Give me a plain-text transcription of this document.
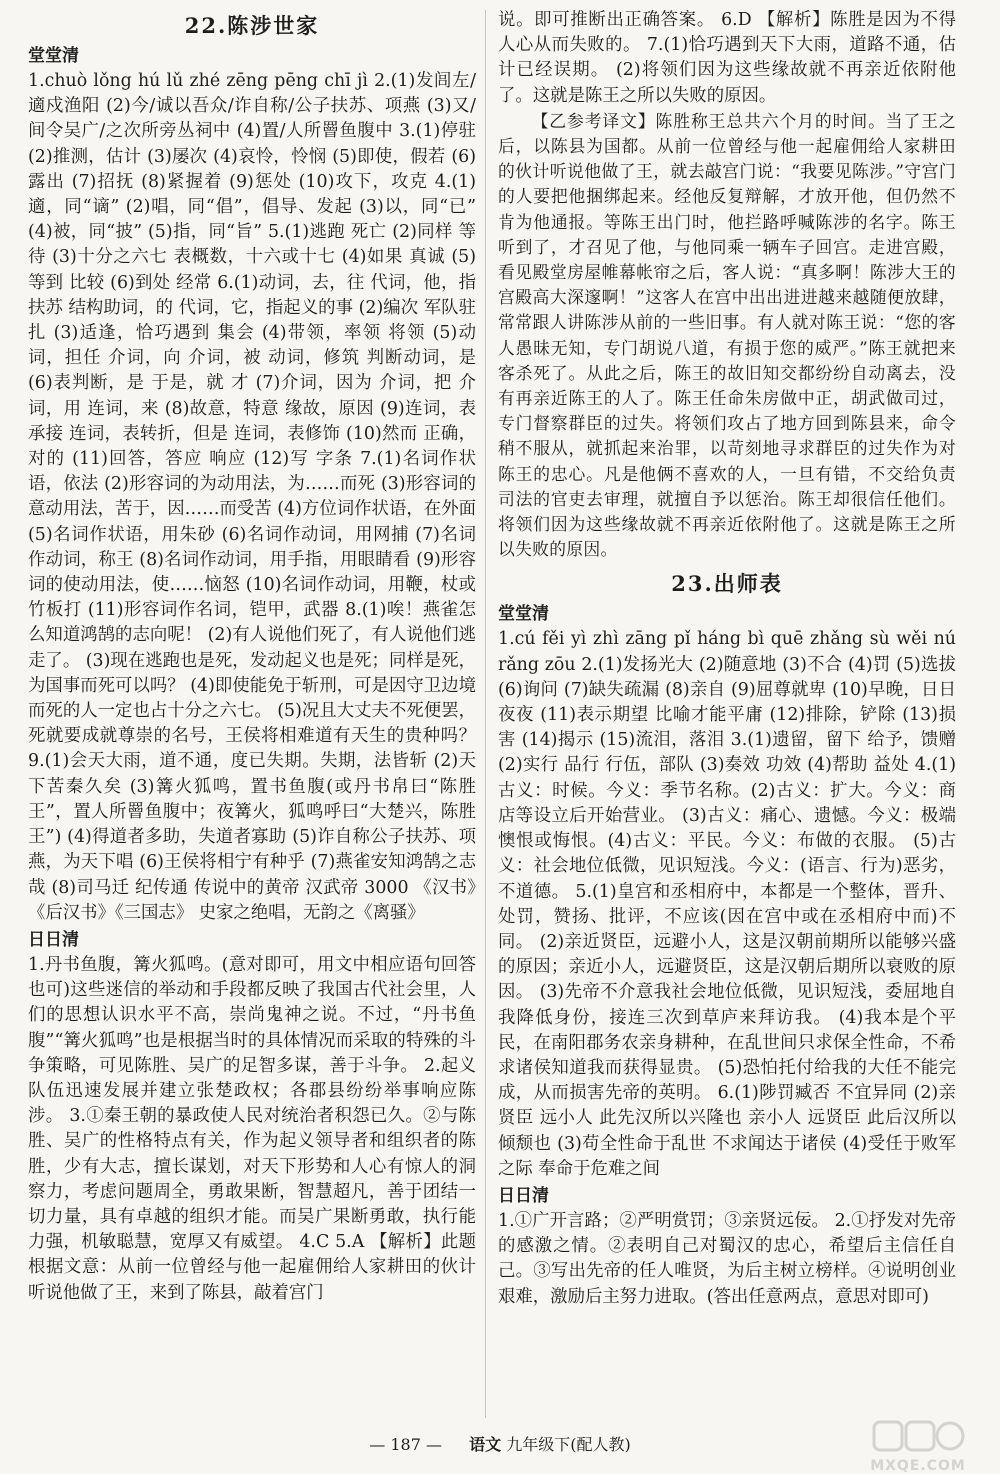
22.陈涉世家
堂堂清

1.chuò lǒng hú lǔ zhé zēng pēng chī jì 2.(1)发闾左/適戍渔阳 (2)今/诚以吾众/诈自称/公子扶苏、项燕 (3)又/间令吴广/之次所旁丛祠中 (4)置/人所罾鱼腹中 3.(1)停驻 (2)推测，估计 (3)屡次 (4)哀怜，怜悯 (5)即使，假若 (6)露出 (7)招抚 (8)紧握着 (9)惩处 (10)攻下，攻克 4.(1)適，同“谪” (2)唱，同“倡”，倡导、发起 (3)以，同“已” (4)被，同“披” (5)指，同“旨” 5.(1)逃跑 死亡 (2)同样 等待 (3)十分之六七 表概数，十六或十七 (4)如果 真诚 (5)等到 比较 (6)到处 经常 6.(1)动词，去，往 代词，他，指扶苏 结构助词，的 代词，它，指起义的事 (2)编次 军队驻扎 (3)适逢，恰巧遇到 集会 (4)带领，率领 将领 (5)动词，担任 介词，向 介词，被 动词，修筑 判断动词，是 (6)表判断，是 于是，就 才 (7)介词，因为 介词，把 介词，用 连词，来 (8)故意，特意 缘故，原因 (9)连词，表承接 连词，表转折，但是 连词，表修饰 (10)然而 正确，对的 (11)回答，答应 响应 (12)写 字条 7.(1)名词作状语，依法 (2)形容词的为动用法，为……而死 (3)形容词的意动用法，苦于，因……而受苦 (4)方位词作状语，在外面 (5)名词作状语，用朱砂 (6)名词作动词，用网捕 (7)名词作动词，称王 (8)名词作动词，用手指，用眼睛看 (9)形容词的使动用法，使……恼怒 (10)名词作动词，用鞭，杖或竹板打 (11)形容词作名词，铠甲，武器 8.(1)唉！燕雀怎么知道鸿鹄的志向呢！ (2)有人说他们死了，有人说他们逃走了。 (3)现在逃跑也是死，发动起义也是死；同样是死，为国事而死可以吗？ (4)即使能免于斩刑，可是因守卫边境而死的人一定也占十分之六七。 (5)况且大丈夫不死便罢，死就要成就尊崇的名号，王侯将相难道有天生的贵种吗？ 9.(1)会天大雨，道不通，度已失期。失期，法皆斩 (2)天下苦秦久矣 (3)篝火狐鸣，置书鱼腹(或丹书帛曰“陈胜王”，置人所罾鱼腹中；夜篝火，狐鸣呼曰“大楚兴，陈胜王”) (4)得道者多助，失道者寡助 (5)诈自称公子扶苏、项燕，为天下唱 (6)王侯将相宁有种乎 (7)燕雀安知鸿鹄之志哉 (8)司马迁 纪传通 传说中的黄帝 汉武帝 3000 《汉书》《后汉书》《三国志》 史家之绝唱，无韵之《离骚》

日日清

1.丹书鱼腹，篝火狐鸣。(意对即可，用文中相应语句回答也可)这些迷信的举动和手段都反映了我国古代社会里，人们的思想认识水平不高，崇尚鬼神之说。不过，“丹书鱼腹”“篝火狐鸣”也是根据当时的具体情况而采取的特殊的斗争策略，可见陈胜、吴广的足智多谋，善于斗争。 2.起义队伍迅速发展并建立张楚政权；各郡县纷纷举事响应陈涉。 3.①秦王朝的暴政使人民对统治者积怨已久。②与陈胜、吴广的性格特点有关，作为起义领导者和组织者的陈胜，少有大志，擅长谋划，对天下形势和人心有惊人的洞察力，考虑问题周全，勇敢果断，智慧超凡，善于团结一切力量，具有卓越的组织才能。而吴广果断勇敢，执行能力强，机敏聪慧，宽厚又有威望。 4.C 5.A 【解析】此题根据文意：从前一位曾经与他一起雇佣给人家耕田的伙计听说他做了王，来到了陈县，敲着宫门

说。即可推断出正确答案。 6.D 【解析】陈胜是因为不得人心从而失败的。 7.(1)恰巧遇到天下大雨，道路不通，估计已经误期。 (2)将领们因为这些缘故就不再亲近依附他了。这就是陈王之所以失败的原因。

【乙参考译文】陈胜称王总共六个月的时间。当了王之后，以陈县为国都。从前一位曾经与他一起雇佣给人家耕田的伙计听说他做了王，就去敲宫门说：“我要见陈涉。”守宫门的人要把他捆绑起来。经他反复辩解，才放开他，但仍然不肯为他通报。等陈王出门时，他拦路呼喊陈涉的名字。陈王听到了，才召见了他，与他同乘一辆车子回宫。走进宫殿，看见殿堂房屋帷幕帐帘之后，客人说：“真多啊！陈涉大王的宫殿高大深邃啊！”这客人在宫中出出进进越来越随便放肆，常常跟人讲陈涉从前的一些旧事。有人就对陈王说：“您的客人愚昧无知，专门胡说八道，有损于您的威严。”陈王就把来客杀死了。从此之后，陈王的故旧知交都纷纷自动离去，没有再亲近陈王的人了。陈王任命朱房做中正，胡武做司过，专门督察群臣的过失。将领们攻占了地方回到陈县来，命令稍不服从，就抓起来治罪，以苛刻地寻求群臣的过失作为对陈王的忠心。凡是他俩不喜欢的人，一旦有错，不交给负责司法的官吏去审理，就擅自予以惩治。陈王却很信任他们。将领们因为这些缘故就不再亲近依附他了。这就是陈王之所以失败的原因。

23.出师表
堂堂清

1.cú fěi yì zhì zāng pǐ háng bì quē zhǎng sù wěi nú rǎng zōu 2.(1)发扬光大 (2)随意地 (3)不合 (4)罚 (5)选拔 (6)询问 (7)缺失疏漏 (8)亲自 (9)屈尊就卑 (10)早晚，日日夜夜 (11)表示期望 比喻才能平庸 (12)排除，铲除 (13)损害 (14)揭示 (15)流泪，落泪 3.(1)遗留，留下 给予，馈赠 (2)实行 品行 行伍，部队 (3)奏效 功效 (4)帮助 益处 4.(1)古义：时候。今义：季节名称。(2)古义：扩大。今义：商店等设立后开始营业。 (3)古义：痛心、遗憾。今义：极端懊恨或悔恨。(4)古义：平民。今义：布做的衣服。 (5)古义：社会地位低微，见识短浅。今义：(语言、行为)恶劣，不道德。 5.(1)皇宫和丞相府中，本都是一个整体，晋升、处罚，赞扬、批评，不应该(因在宫中或在丞相府中而)不同。 (2)亲近贤臣，远避小人，这是汉朝前期所以能够兴盛的原因；亲近小人，远避贤臣，这是汉朝后期所以衰败的原因。 (3)先帝不介意我社会地位低微，见识短浅，委屈地自我降低身份，接连三次到草庐来拜访我。 (4)我本是个平民，在南阳郡务农亲身耕种，在乱世间只求保全性命，不希求诸侯知道我而获得显贵。 (5)恐怕托付给我的大任不能完成，从而损害先帝的英明。 6.(1)陟罚臧否 不宜异同 (2)亲贤臣 远小人 此先汉所以兴隆也 亲小人 远贤臣 此后汉所以倾颓也 (3)苟全性命于乱世 不求闻达于诸侯 (4)受任于败军之际 奉命于危难之间

日日清

1.①广开言路；②严明赏罚；③亲贤远佞。 2.①抒发对先帝的感激之情。②表明自己对蜀汉的忠心，希望后主信任自己。③写出先帝的任人唯贤，为后主树立榜样。④说明创业艰难，激励后主努力进取。(答出任意两点，意思对即可)

— 187 — 语文 九年级下(配人教)
MXQE.COM
